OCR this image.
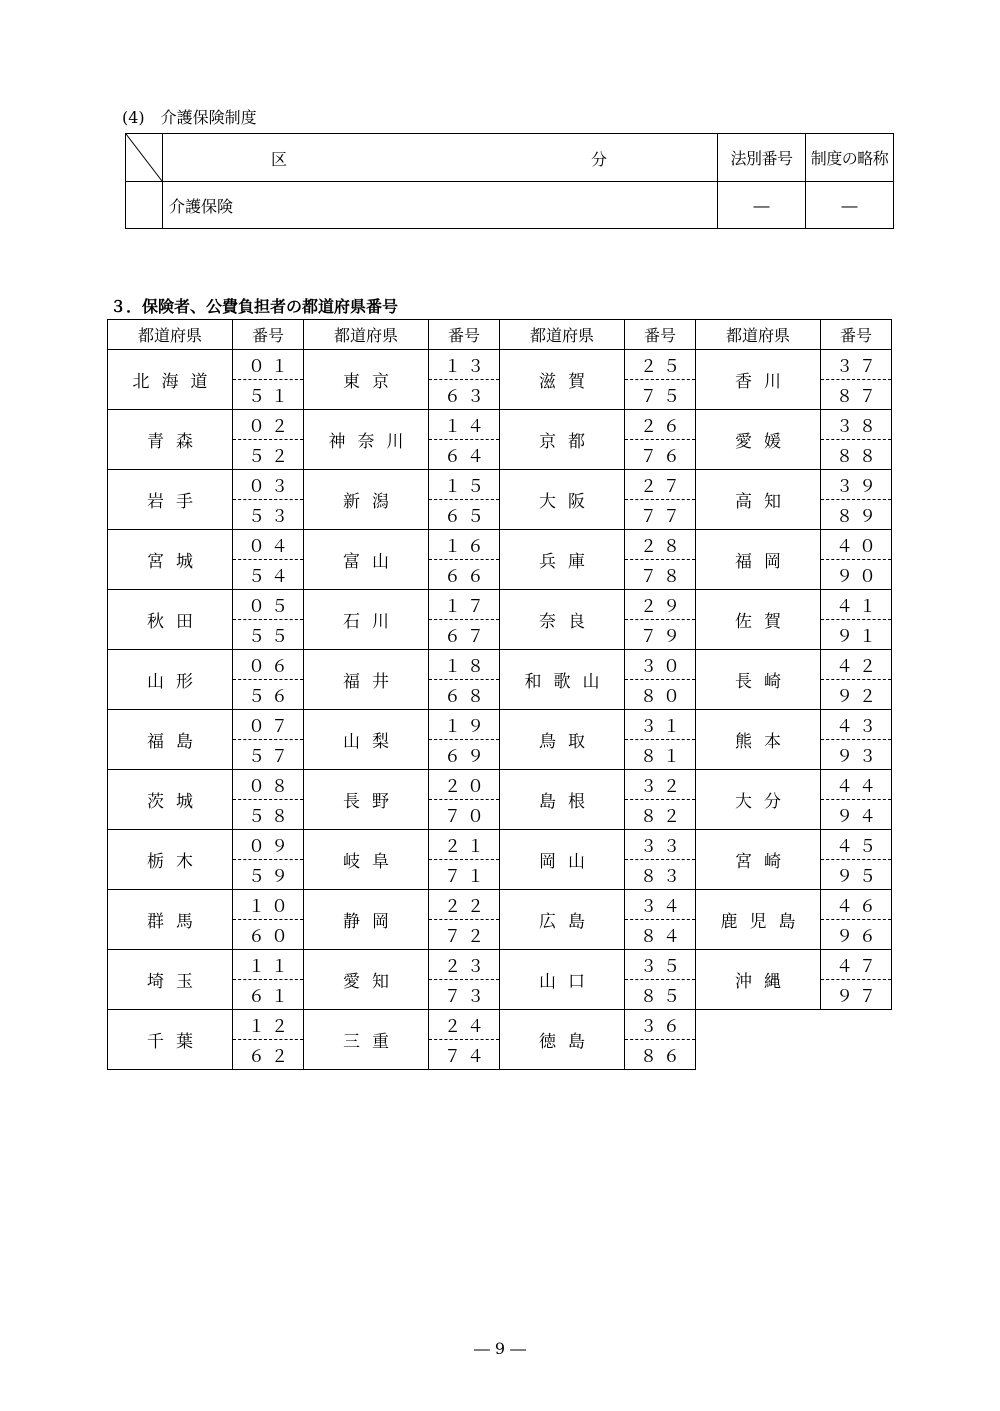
(4)　介護保険制度

区 分	法別番号	制度の略称
	介護保険	―	―
３．保険者、公費負担者の都道府県番号
都道府県	番号	都道府県	番号	都道府県	番号	都道府県	番号
北海道	０１	東京	１３	滋賀	２５	香川	３７
	５１		６３		７５		８７
青森	０２	神奈川	１４	京都	２６	愛媛	３８
	５２		６４		７６		８８
岩手	０３	新潟	１５	大阪	２７	高知	３９
	５３		６５		７７		８９
宮城	０４	富山	１６	兵庫	２８	福岡	４０
	５４		６６		７８		９０
秋田	０５	石川	１７	奈良	２９	佐賀	４１
	５５		６７		７９		９１
山形	０６	福井	１８	和歌山	３０	長崎	４２
	５６		６８		８０		９２
福島	０７	山梨	１９	鳥取	３１	熊本	４３
	５７		６９		８１		９３
茨城	０８	長野	２０	島根	３２	大分	４４
	５８		７０		８２		９４
栃木	０９	岐阜	２１	岡山	３３	宮崎	４５
	５９		７１		８３		９５
群馬	１０	静岡	２２	広島	３４	鹿児島	４６
	６０		７２		８４		９６
埼玉	１１	愛知	２３	山口	３５	沖縄	４７
	６１		７３		８５		９７
千葉	１２	三重	２４	徳島	３６		
	６２		７４		８６		
― 9 ―
